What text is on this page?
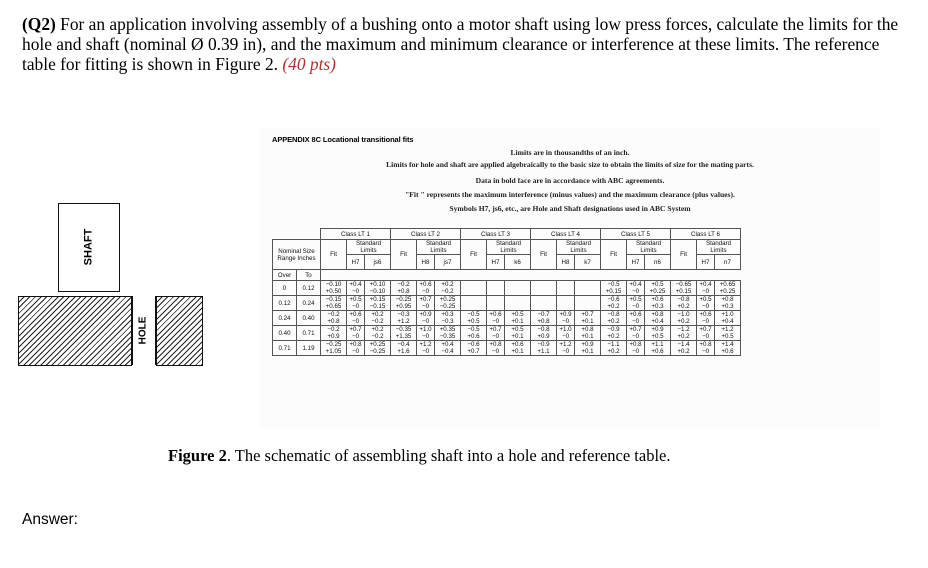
(Q2) For an application involving assembly of a bushing onto a motor shaft using low press forces, calculate the limits for the hole and shaft (nominal Ø 0.39 in), and the maximum and minimum clearance or interference at these limits. The reference table for fitting is shown in Figure 2. (40 pts)
SHAFT
HOLE
APPENDIX 8C Locational transitional fits
Limits are in thousandths of an inch.
Limits for hole and shaft are applied algebraically to the basic size to obtain the limits of size for the mating parts.
Data in bold face are in accordance with ABC agreements.
"Fit " represents the maximum interference (minus values) and the maximum clearance (plus values).
Symbols H7, js6, etc., are Hole and Shaft designations used in ABC System
		Class LT 1			Class LT 2			Class LT 3			Class LT 4			Class LT 5			Class LT 6		
Nominal Size Range Inches		Fit	Standard Limits		Fit	Standard Limits		Fit	Standard Limits		Fit	Standard Limits		Fit	Standard Limits		Fit	Standard Limits	
			H7	js6		H8	js7		H7	k6		H8	k7		H7	n6		H7	n7
Over	To																		
0	0.12	−0.10 +0.50	+0.4 −0	+0.10 −0.10	−0.2 +0.8	+0.6 −0	+0.2 −0.2							−0.5 +0.15	+0.4 −0	+0.5 +0.25	−0.65 +0.15	+0.4 −0	+0.65 +0.25
0.12	0.24	−0.15 +0.65	+0.5 −0	+0.15 −0.15	−0.25 +0.95	+0.7 −0	+0.25 −0.25							−0.6 +0.2	+0.5 −0	+0.6 +0.3	−0.8 +0.2	+0.5 −0	+0.8 +0.3
0.24	0.40	−0.2 +0.8	+0.6 −0	+0.2 −0.2	−0.3 +1.2	+0.9 −0	+0.3 −0.3	−0.5 +0.5	+0.6 −0	+0.5 +0.1	−0.7 +0.8	+0.9 −0	+0.7 +0.1	−0.8 +0.2	+0.6 −0	+0.8 +0.4	−1.0 +0.2	+0.6 −0	+1.0 +0.4
0.40	0.71	−0.2 +0.9	+0.7 −0	+0.2 −0.2	−0.35 +1.35	+1.0 −0	+0.35 −0.35	−0.5 +0.6	+0.7 −0	+0.5 +0.1	−0.8 +0.9	+1.0 −0	+0.8 +0.1	−0.9 +0.2	+0.7 −0	+0.9 +0.5	−1.2 +0.2	+0.7 −0	+1.2 +0.5
0.71	1.19	−0.25 +1.05	+0.8 −0	+0.25 −0.25	−0.4 +1.6	+1.2 −0	+0.4 −0.4	−0.6 +0.7	+0.8 −0	+0.6 +0.1	−0.9 +1.1	+1.2 −0	+0.9 +0.1	−1.1 +0.2	+0.8 −0	+1.1 +0.6	−1.4 +0.2	+0.8 −0	+1.4 +0.6
Figure 2. The schematic of assembling shaft into a hole and reference table.
Answer:
